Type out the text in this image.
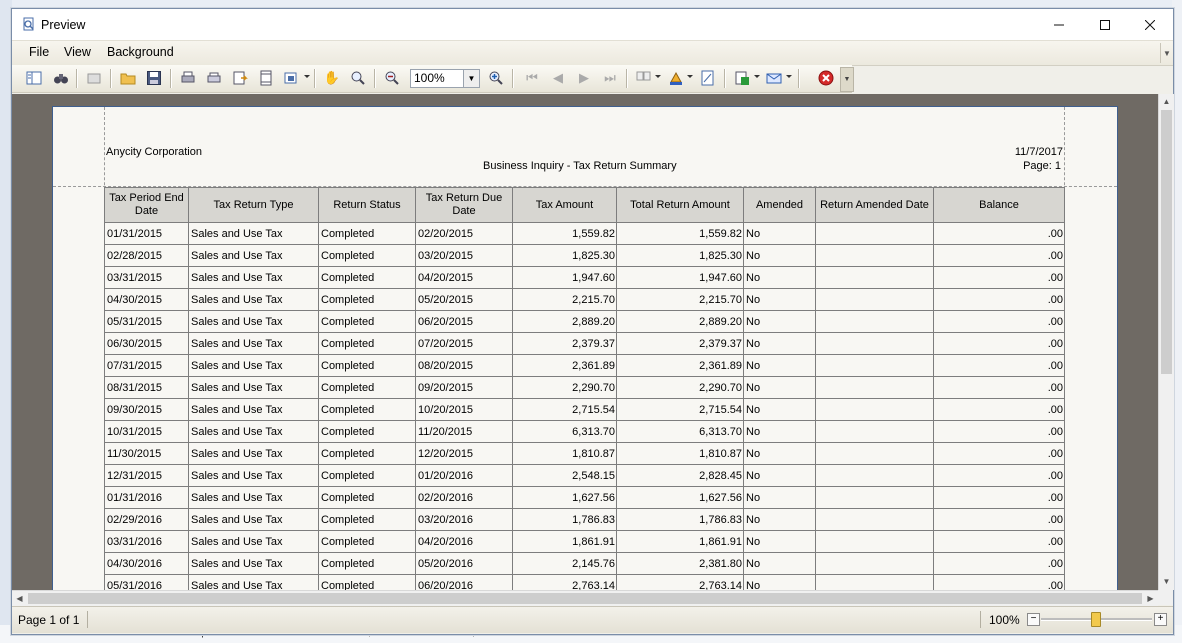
Preview
File View Background	▼
✋	100%	▼	⏮	◀	▶	⏭	▼
Anycity Corporation
Business Inquiry - Tax Return Summary
11/7/2017
Page: 1
Tax Period End Date	Tax Return Type	Return Status	Tax Return Due Date	Tax Amount	Total Return Amount	Amended	Return Amended Date	Balance
01/31/2015	Sales and Use Tax	Completed	02/20/2015	1,559.82	1,559.82	No		.00
02/28/2015	Sales and Use Tax	Completed	03/20/2015	1,825.30	1,825.30	No		.00
03/31/2015	Sales and Use Tax	Completed	04/20/2015	1,947.60	1,947.60	No		.00
04/30/2015	Sales and Use Tax	Completed	05/20/2015	2,215.70	2,215.70	No		.00
05/31/2015	Sales and Use Tax	Completed	06/20/2015	2,889.20	2,889.20	No		.00
06/30/2015	Sales and Use Tax	Completed	07/20/2015	2,379.37	2,379.37	No		.00
07/31/2015	Sales and Use Tax	Completed	08/20/2015	2,361.89	2,361.89	No		.00
08/31/2015	Sales and Use Tax	Completed	09/20/2015	2,290.70	2,290.70	No		.00
09/30/2015	Sales and Use Tax	Completed	10/20/2015	2,715.54	2,715.54	No		.00
10/31/2015	Sales and Use Tax	Completed	11/20/2015	6,313.70	6,313.70	No		.00
11/30/2015	Sales and Use Tax	Completed	12/20/2015	1,810.87	1,810.87	No		.00
12/31/2015	Sales and Use Tax	Completed	01/20/2016	2,548.15	2,828.45	No		.00
01/31/2016	Sales and Use Tax	Completed	02/20/2016	1,627.56	1,627.56	No		.00
02/29/2016	Sales and Use Tax	Completed	03/20/2016	1,786.83	1,786.83	No		.00
03/31/2016	Sales and Use Tax	Completed	04/20/2016	1,861.91	1,861.91	No		.00
04/30/2016	Sales and Use Tax	Completed	05/20/2016	2,145.76	2,381.80	No		.00
05/31/2016	Sales and Use Tax	Completed	06/20/2016	2,763.14	2,763.14	No		.00
▲
▼
◀	▶
Page 1 of 1	100%	−	+
